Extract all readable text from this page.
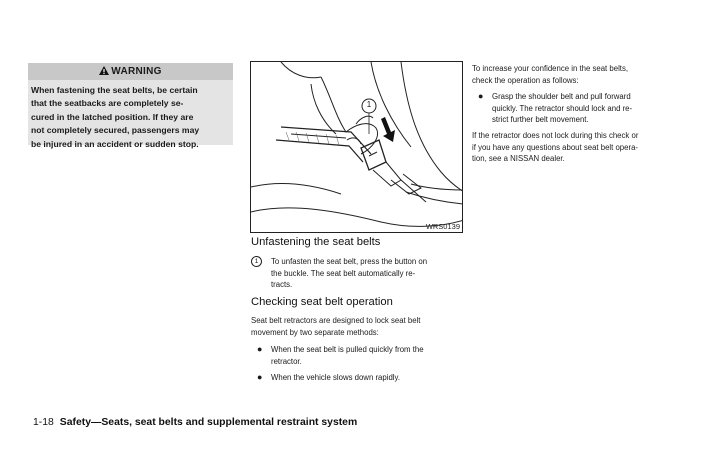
WARNING
When fastening the seat belts, be certain
that the seatbacks are completely se-
cured in the latched position. If they are
not completely secured, passengers may
be injured in an accident or sudden stop.
1
WRS0139
Unfastening the seat belts
1	To unfasten the seat belt, press the button on
the buckle. The seat belt automatically re-
tracts.
Checking seat belt operation
Seat belt retractors are designed to lock seat belt
movement by two separate methods:
● When the seat belt is pulled quickly from the
retractor.
● When the vehicle slows down rapidly.
To increase your confidence in the seat belts,
check the operation as follows:
● Grasp the shoulder belt and pull forward
quickly. The retractor should lock and re-
strict further belt movement.
If the retractor does not lock during this check or
if you have any questions about seat belt opera-
tion, see a NISSAN dealer.
1-18 Safety—Seats, seat belts and supplemental restraint system
